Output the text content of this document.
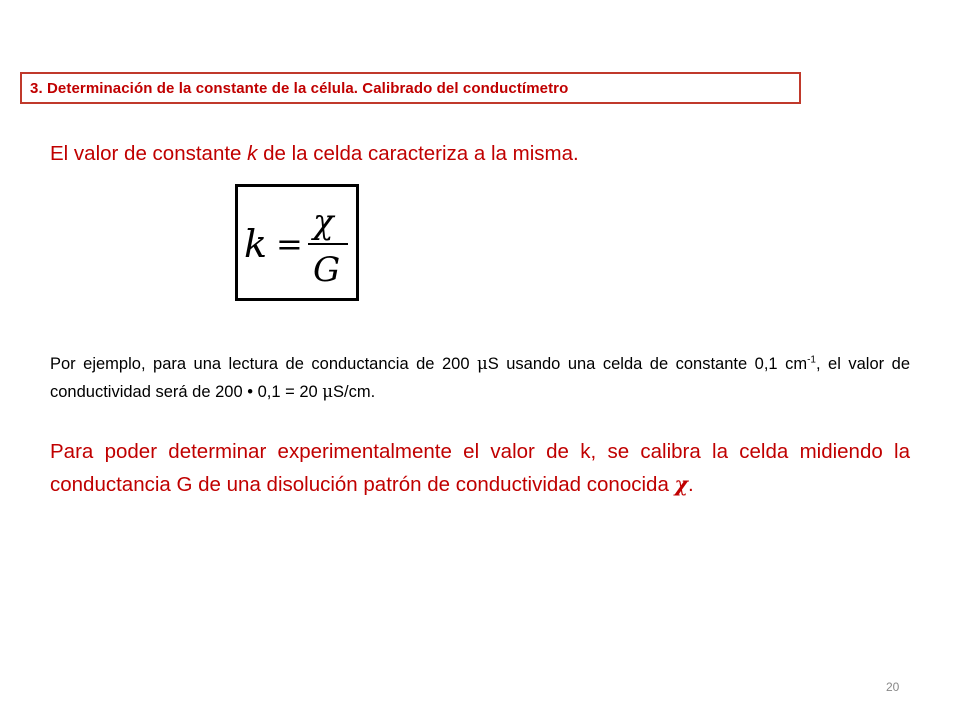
3. Determinación de la constante de la célula. Calibrado del conductímetro
El valor de constante k de la celda caracteriza a la misma.
k =
χ
G
Por ejemplo, para una lectura de conductancia de 200 μS usando una celda de constante 0,1 $cm^{-1}$, el valor de conductividad será de 200 • 0,1 = 20 μS/cm.
Para poder determinar experimentalmente el valor de k, se calibra la celda midiendo la conductancia G de una disolución patrón de conductividad conocida χ.
20
